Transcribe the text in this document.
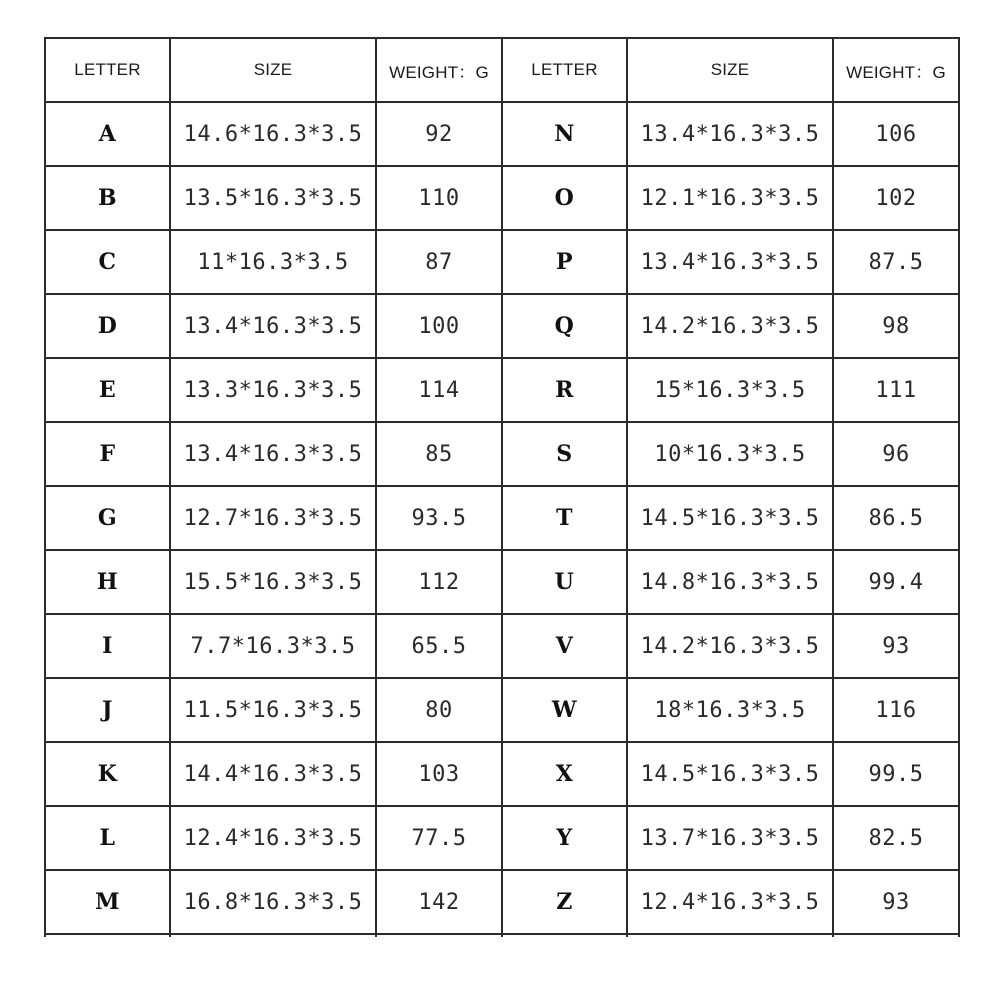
LETTER	SIZE	WEIGHT：G	LETTER	SIZE	WEIGHT：G
A	14.6*16.3*3.5	92	N	13.4*16.3*3.5	106
B	13.5*16.3*3.5	110	O	12.1*16.3*3.5	102
C	11*16.3*3.5	87	P	13.4*16.3*3.5	87.5
D	13.4*16.3*3.5	100	Q	14.2*16.3*3.5	98
E	13.3*16.3*3.5	114	R	15*16.3*3.5	111
F	13.4*16.3*3.5	85	S	10*16.3*3.5	96
G	12.7*16.3*3.5	93.5	T	14.5*16.3*3.5	86.5
H	15.5*16.3*3.5	112	U	14.8*16.3*3.5	99.4
I	7.7*16.3*3.5	65.5	V	14.2*16.3*3.5	93
J	11.5*16.3*3.5	80	W	18*16.3*3.5	116
K	14.4*16.3*3.5	103	X	14.5*16.3*3.5	99.5
L	12.4*16.3*3.5	77.5	Y	13.7*16.3*3.5	82.5
M	16.8*16.3*3.5	142	Z	12.4*16.3*3.5	93
